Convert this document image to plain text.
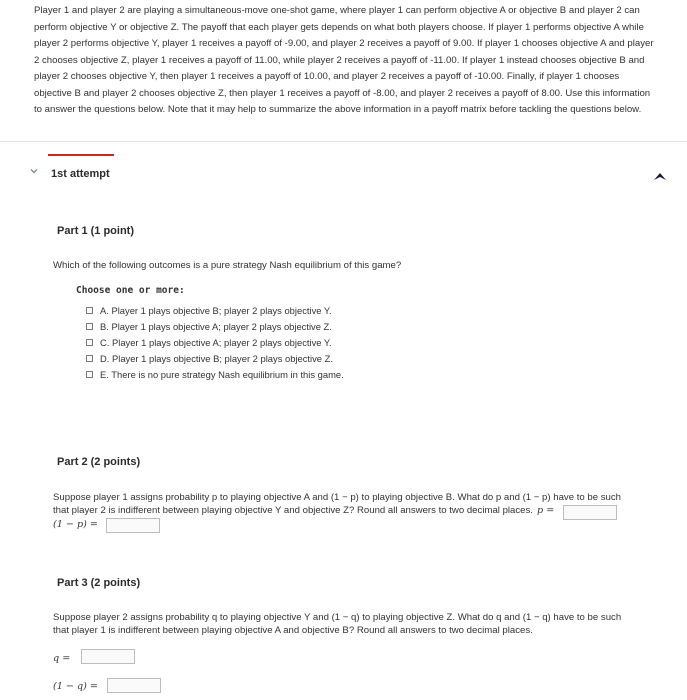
Player 1 and player 2 are playing a simultaneous-move one-shot game, where player 1 can perform objective A or objective B and player 2 can perform objective Y or objective Z. The payoff that each player gets depends on what both players choose. If player 1 performs objective A while player 2 performs objective Y, player 1 receives a payoff of -9.00, and player 2 receives a payoff of 9.00. If player 1 chooses objective A and player 2 chooses objective Z, player 1 receives a payoff of 11.00, while player 2 receives a payoff of -11.00. If player 1 instead chooses objective B and player 2 chooses objective Y, then player 1 receives a payoff of 10.00, and player 2 receives a payoff of -10.00. Finally, if player 1 chooses objective B and player 2 chooses objective Z, then player 1 receives a payoff of -8.00, and player 2 receives a payoff of 8.00. Use this information to answer the questions below. Note that it may help to summarize the above information in a payoff matrix before tackling the questions below.
1st attempt
Part 1 (1 point)
Which of the following outcomes is a pure strategy Nash equilibrium of this game?
Choose one or more:
A. Player 1 plays objective B; player 2 plays objective Y.
B. Player 1 plays objective A; player 2 plays objective Z.
C. Player 1 plays objective A; player 2 plays objective Y.
D. Player 1 plays objective B; player 2 plays objective Z.
E. There is no pure strategy Nash equilibrium in this game.
Part 2 (2 points)
Suppose player 1 assigns probability p to playing objective A and (1 − p) to playing objective B. What do p and (1 − p) have to be such
that player 2 is indifferent between playing objective Y and objective Z? Round all answers to two decimal places. p =
(1 − p) =
Part 3 (2 points)
Suppose player 2 assigns probability q to playing objective Y and (1 − q) to playing objective Z. What do q and (1 − q) have to be such
that player 1 is indifferent between playing objective A and objective B? Round all answers to two decimal places.
q =
(1 − q) =
